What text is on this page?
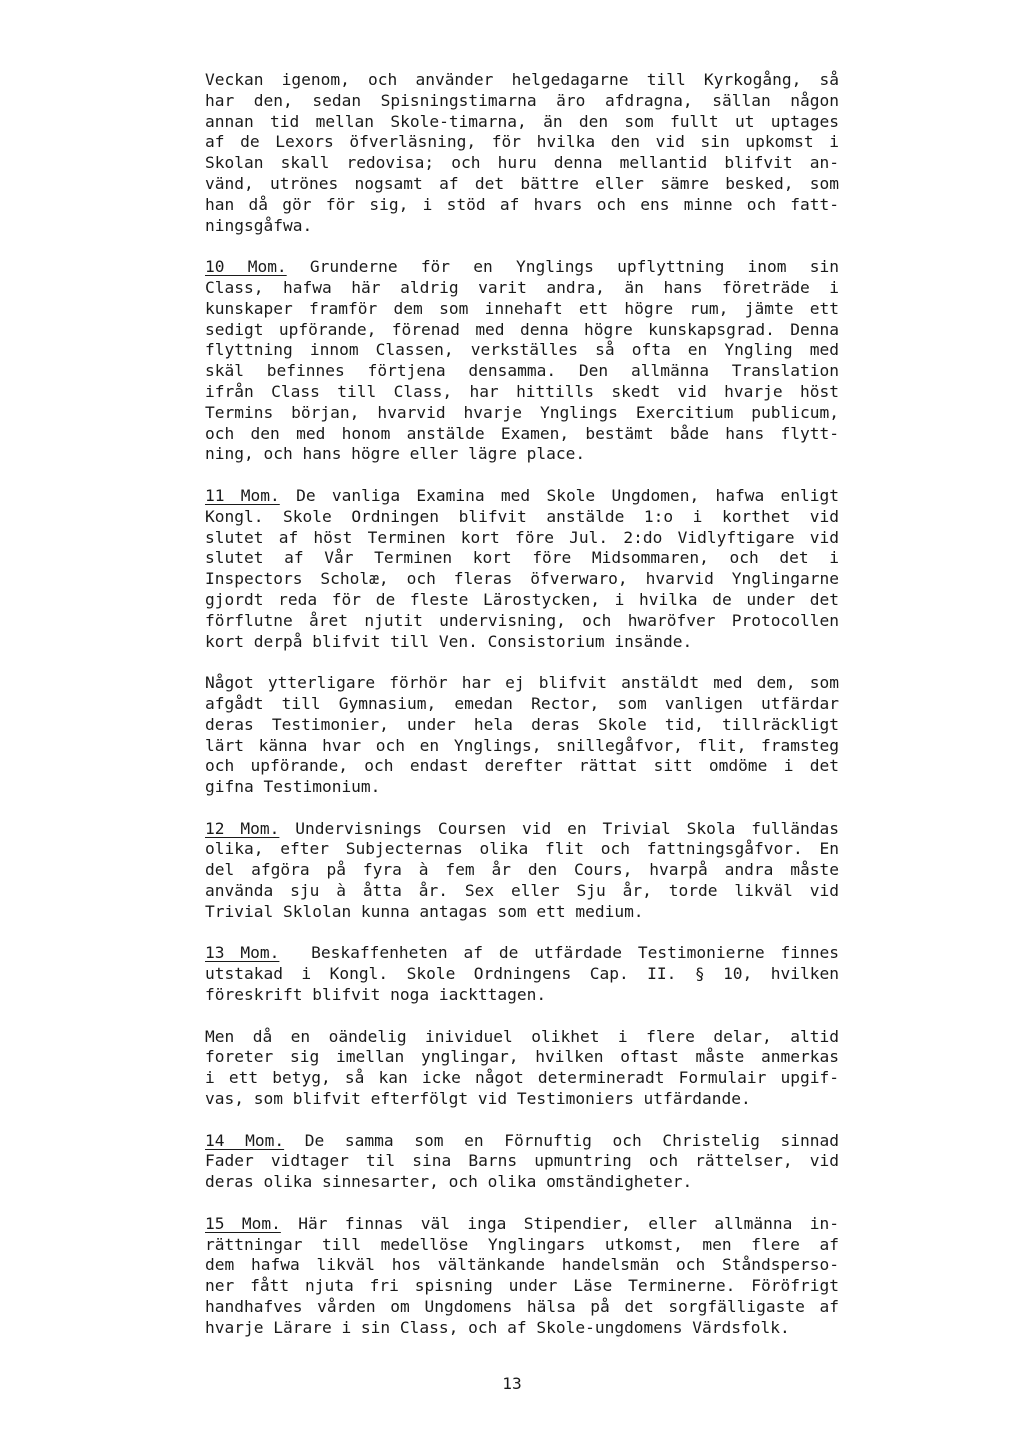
Veckan igenom, och använder helgedagarne till Kyrkogång, så
har den, sedan Spisningstimarna äro afdragna, sällan någon
annan tid mellan Skole-timarna, än den som fullt ut uptages
af de Lexors öfverläsning, för hvilka den vid sin upkomst i
Skolan skall redovisa; och huru denna mellantid blifvit an-
vänd, utrönes nogsamt af det bättre eller sämre besked, som
han då gör för sig, i stöd af hvars och ens minne och fatt-
ningsgåfwa.
10 Mom. Grunderne för en Ynglings upflyttning inom sin
Class, hafwa här aldrig varit andra, än hans företräde i
kunskaper framför dem som innehaft ett högre rum, jämte ett
sedigt upförande, förenad med denna högre kunskapsgrad. Denna
flyttning innom Classen, verkställes så ofta en Yngling med
skäl befinnes förtjena densamma. Den allmänna Translation
ifrån Class till Class, har hittills skedt vid hvarje höst
Termins början, hvarvid hvarje Ynglings Exercitium publicum,
och den med honom anstälde Examen, bestämt både hans flytt-
ning, och hans högre eller lägre place.
11 Mom. De vanliga Examina med Skole Ungdomen, hafwa enligt
Kongl. Skole Ordningen blifvit anstälde 1:o i korthet vid
slutet af höst Terminen kort före Jul. 2:do Vidlyftigare vid
slutet af Vår Terminen kort före Midsommaren, och det i
Inspectors Scholæ, och fleras öfverwaro, hvarvid Ynglingarne
gjordt reda för de fleste Lärostycken, i hvilka de under det
förflutne året njutit undervisning, och hwaröfver Protocollen
kort derpå blifvit till Ven. Consistorium insände.
Något ytterligare förhör har ej blifvit anstäldt med dem, som
afgådt till Gymnasium, emedan Rector, som vanligen utfärdar
deras Testimonier, under hela deras Skole tid, tillräckligt
lärt känna hvar och en Ynglings, snillegåfvor, flit, framsteg
och upförande, och endast derefter rättat sitt omdöme i det
gifna Testimonium.
12 Mom. Undervisnings Coursen vid en Trivial Skola fulländas
olika, efter Subjecternas olika flit och fattningsgåfvor. En
del afgöra på fyra à fem år den Cours, hvarpå andra måste
använda sju à åtta år. Sex eller Sju år, torde likväl vid
Trivial Sklolan kunna antagas som ett medium.
13 Mom.  Beskaffenheten af de utfärdade Testimonierne finnes
utstakad i Kongl. Skole Ordningens Cap. II. § 10, hvilken
föreskrift blifvit noga iackttagen.
Men då en oändelig inividuel olikhet i flere delar, altid
foreter sig imellan ynglingar, hvilken oftast måste anmerkas
i ett betyg, så kan icke något determineradt Formulair upgif-
vas, som blifvit efterfölgt vid Testimoniers utfärdande.
14 Mom. De samma som en Förnuftig och Christelig sinnad
Fader vidtager til sina Barns upmuntring och rättelser, vid
deras olika sinnesarter, och olika omständigheter.
15 Mom. Här finnas väl inga Stipendier, eller allmänna in-
rättningar till medellöse Ynglingars utkomst, men flere af
dem hafwa likväl hos vältänkande handelsmän och Ståndsperso-
ner fått njuta fri spisning under Läse Terminerne. Föröfrigt
handhafves vården om Ungdomens hälsa på det sorgfälligaste af
hvarje Lärare i sin Class, och af Skole-ungdomens Värdsfolk.
13
